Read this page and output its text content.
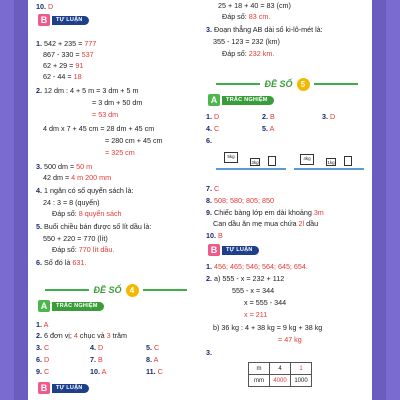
10. D
B	TỰ LUẬN
1. 542 + 235 = 777
867 - 330 = 537
62 + 29 = 91
62 - 44 = 18
2. 12 dm : 4 + 5 m = 3 dm + 5 m
= 3 dm + 50 dm
= 53 dm
4 dm x 7 + 45 cm = 28 dm + 45 cm
= 280 cm + 45 cm
= 325 cm
3. 500 dm = 50 m
42 dm = 4 m 200 mm
4. 1 ngăn có số quyển sách là:
24 : 3 = 8 (quyển)
Đáp số: 8 quyển sách
5. Buổi chiều bán được số lít dầu là:
550 + 220 = 770 (lít)
Đáp số: 770 lít dầu.
6. Số đó là 631.
ĐỀ SỐ	4
A	TRẮC NGHIỆM
1. A
2. 6 đơn vị; 4 chục và 3 trăm
3. C	4. D	5. C
6. D	7. B	8. A
9. C	10. A	11. C
B	TỰ LUẬN
25 + 18 + 40 = 83 (cm)
Đáp số: 83 cm.
3. Đoạn thẳng AB dài số ki-lô-mét là:
355 - 123 = 232 (km)
Đáp số: 232 km.
ĐỀ SỐ	5
A	TRẮC NGHIỆM
1. D	2. B	3. D
4. C	5. A
6.
5kg
3kg
4kg
1kg
7. C
8. 508; 580; 805; 850
9. Chiếc bàng lớp em dài khoảng 3m
Can dầu ăn mẹ mua chứa 2l dầu
10. B
B	TỰ LUẬN
1. 456; 465; 546; 564; 645; 654.
2. a) 555 - x = 232 + 112
555 - x = 344
x = 555 - 344
x = 211
b) 36 kg : 4 + 38 kg = 9 kg + 38 kg
= 47 kg
3.
m	4	1
mm	4000	1000
